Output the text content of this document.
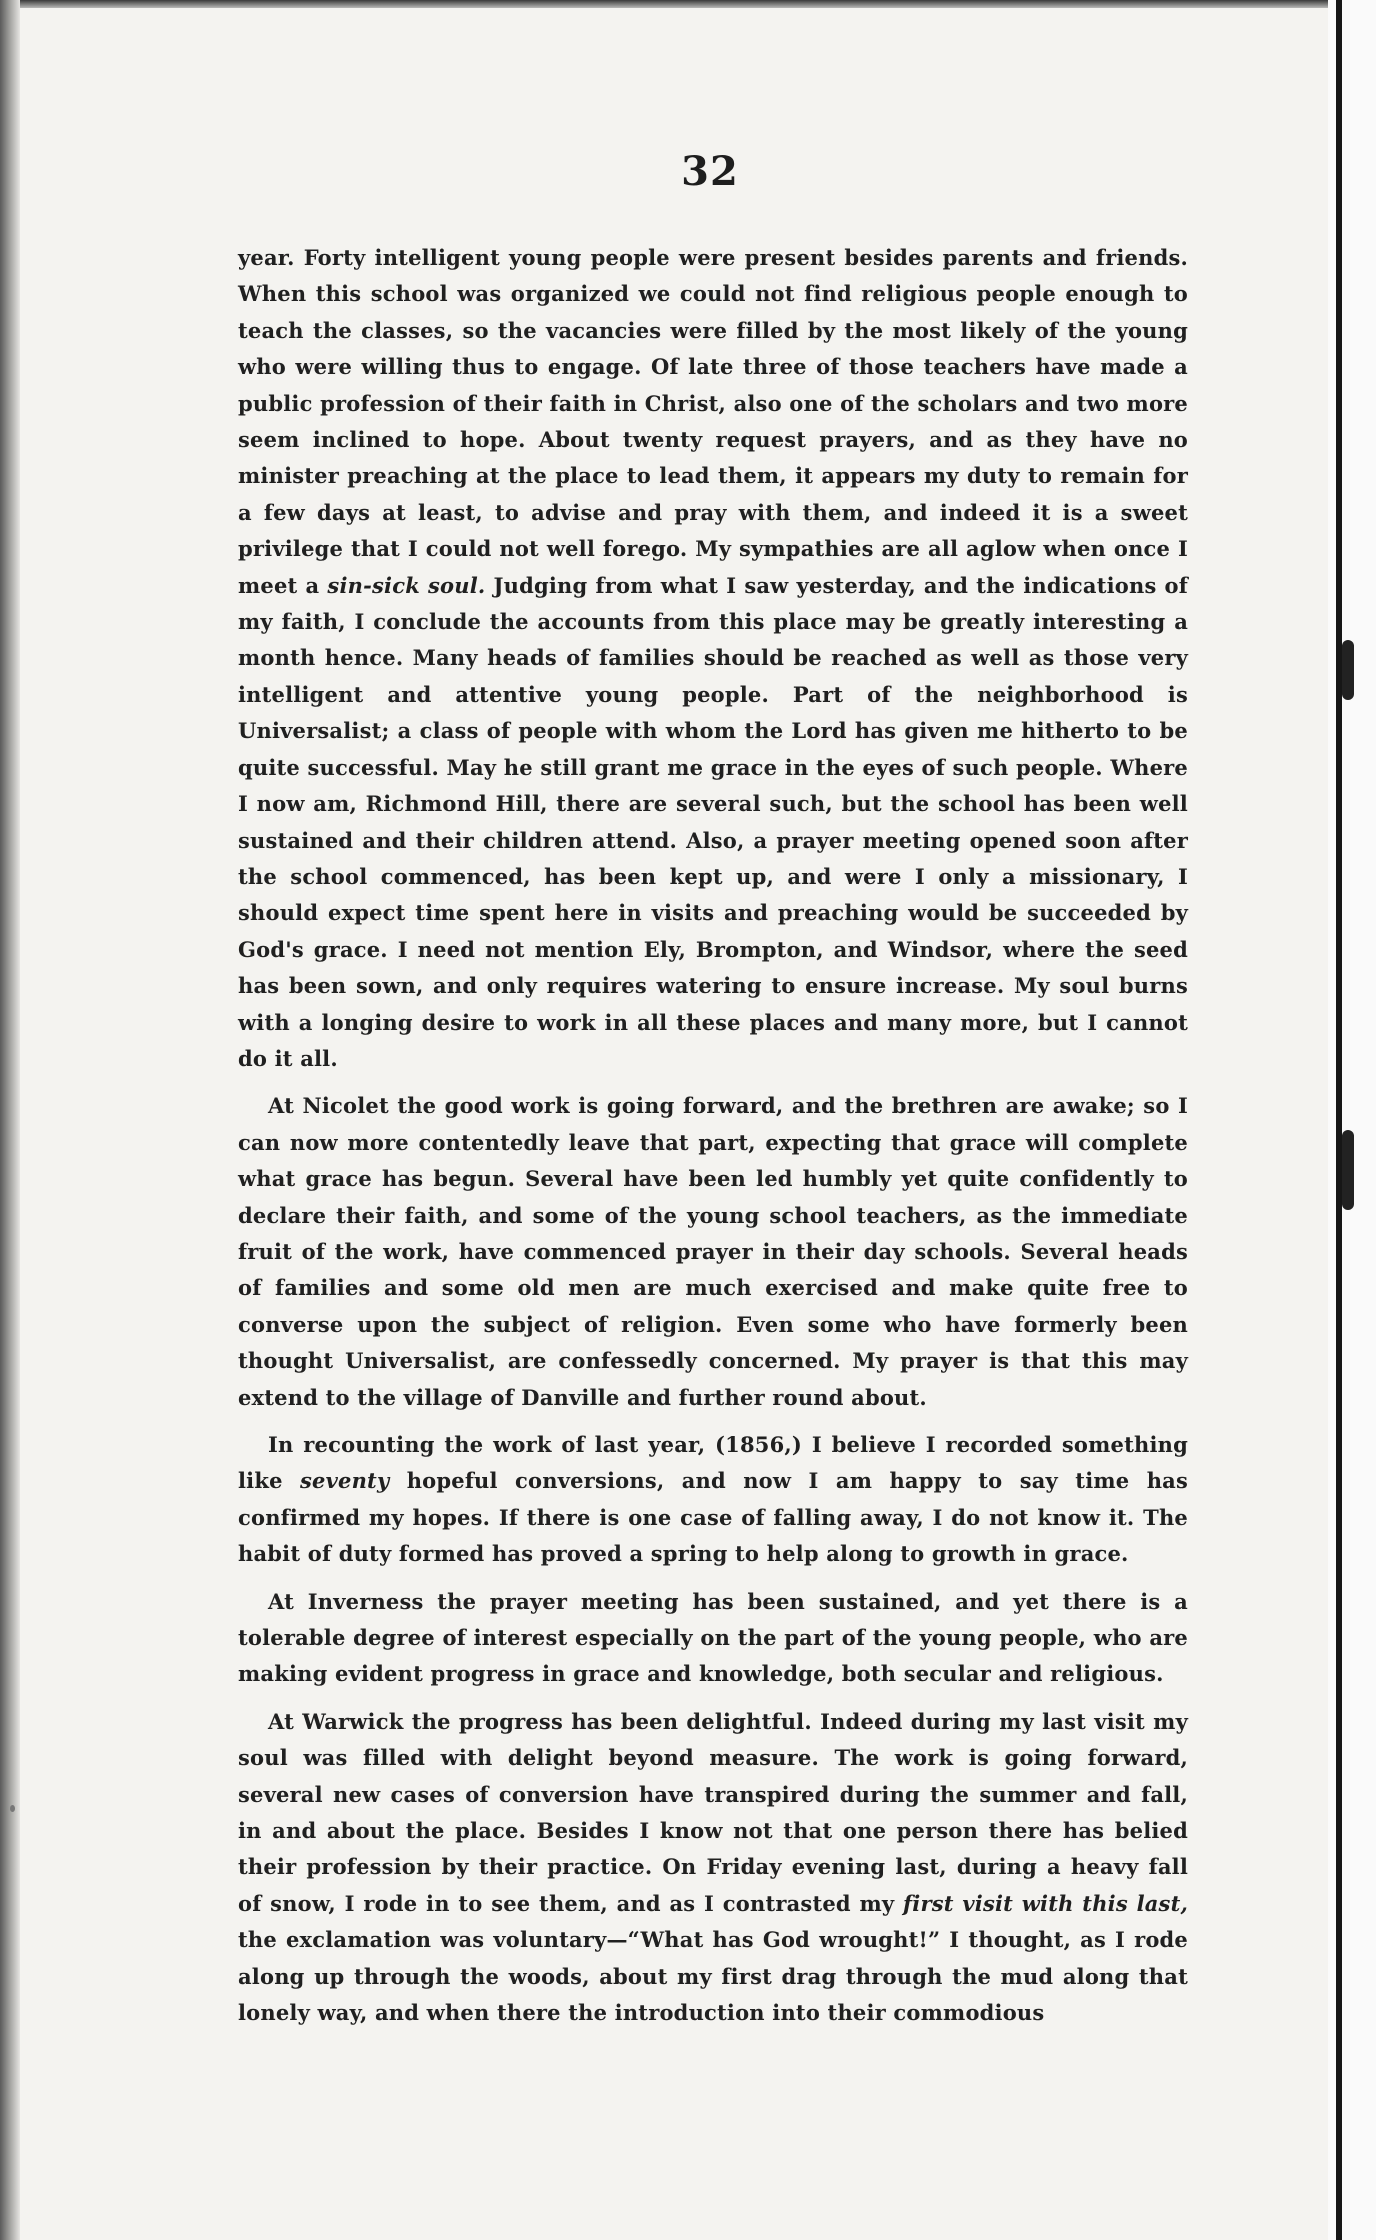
32

year. Forty intelligent young people were present besides parents and friends. When this school was organized we could not find religious people enough to teach the classes, so the vacancies were filled by the most likely of the young who were willing thus to engage. Of late three of those teachers have made a public profession of their faith in Christ, also one of the scholars and two more seem inclined to hope. About twenty request prayers, and as they have no minister preaching at the place to lead them, it appears my duty to remain for a few days at least, to advise and pray with them, and indeed it is a sweet privilege that I could not well forego. My sympathies are all aglow when once I meet a sin-sick soul. Judging from what I saw yesterday, and the indications of my faith, I conclude the accounts from this place may be greatly interesting a month hence. Many heads of families should be reached as well as those very intelligent and attentive young people. Part of the neighborhood is Universalist; a class of people with whom the Lord has given me hitherto to be quite successful. May he still grant me grace in the eyes of such people. Where I now am, Richmond Hill, there are several such, but the school has been well sustained and their children attend. Also, a prayer meeting opened soon after the school commenced, has been kept up, and were I only a missionary, I should expect time spent here in visits and preaching would be succeeded by God's grace. I need not mention Ely, Brompton, and Windsor, where the seed has been sown, and only requires watering to ensure increase. My soul burns with a longing desire to work in all these places and many more, but I cannot do it all.

At Nicolet the good work is going forward, and the brethren are awake; so I can now more contentedly leave that part, expecting that grace will complete what grace has begun. Several have been led humbly yet quite confidently to declare their faith, and some of the young school teachers, as the immediate fruit of the work, have commenced prayer in their day schools. Several heads of families and some old men are much exercised and make quite free to converse upon the subject of religion. Even some who have formerly been thought Universalist, are confessedly concerned. My prayer is that this may extend to the village of Danville and further round about.

In recounting the work of last year, (1856,) I believe I recorded something like seventy hopeful conversions, and now I am happy to say time has confirmed my hopes. If there is one case of falling away, I do not know it. The habit of duty formed has proved a spring to help along to growth in grace.

At Inverness the prayer meeting has been sustained, and yet there is a tolerable degree of interest especially on the part of the young people, who are making evident progress in grace and knowledge, both secular and religious.

At Warwick the progress has been delightful. Indeed during my last visit my soul was filled with delight beyond measure. The work is going forward, several new cases of conversion have transpired during the summer and fall, in and about the place. Besides I know not that one person there has belied their profession by their practice. On Friday evening last, during a heavy fall of snow, I rode in to see them, and as I contrasted my first visit with this last, the exclamation was voluntary—“What has God wrought!” I thought, as I rode along up through the woods, about my first drag through the mud along that lonely way, and when there the introduction into their commodious
